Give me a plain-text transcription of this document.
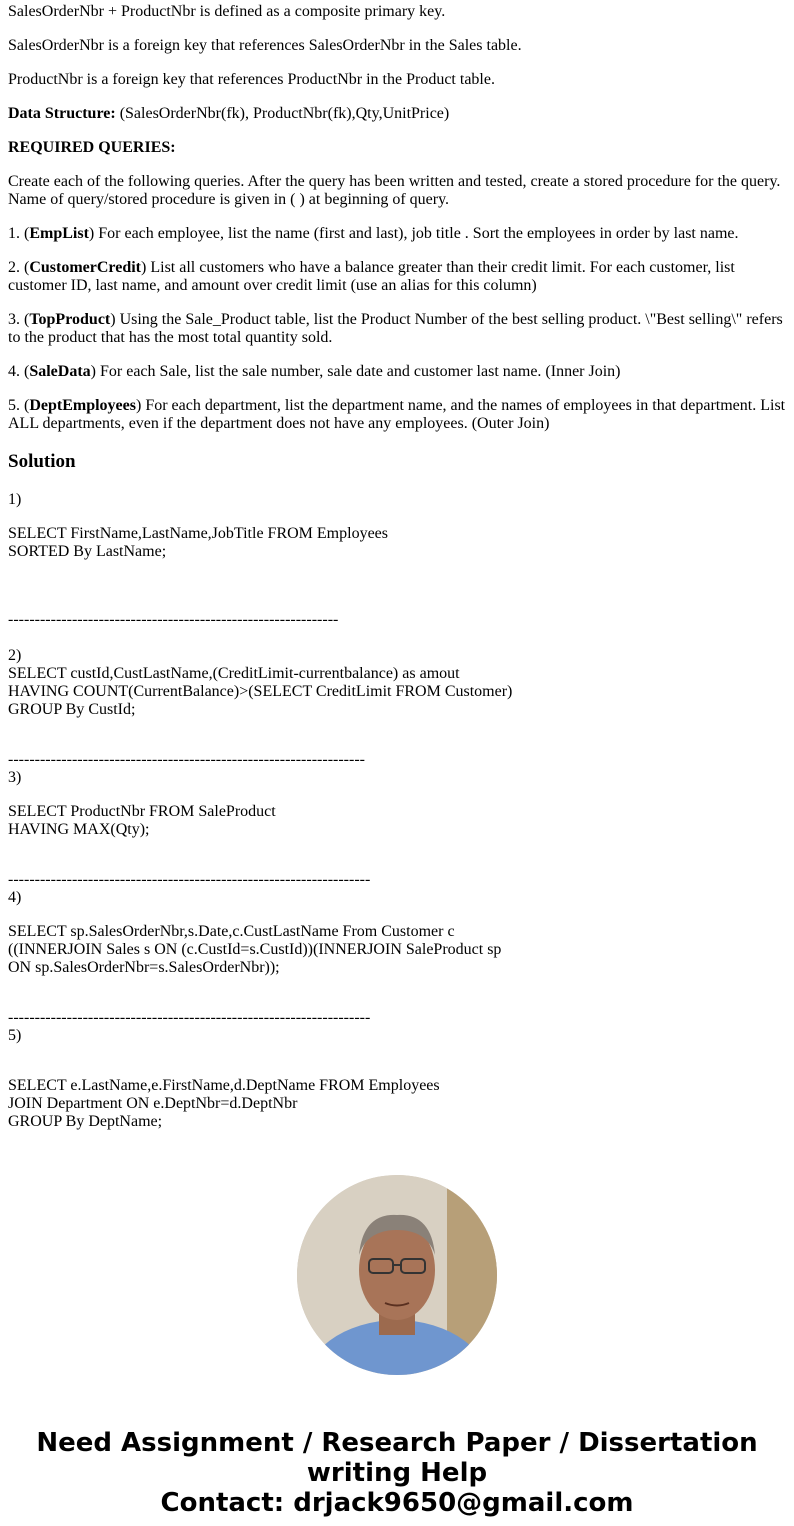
SalesOrderNbr + ProductNbr is defined as a composite primary key.

SalesOrderNbr is a foreign key that references SalesOrderNbr in the Sales table.

ProductNbr is a foreign key that references ProductNbr in the Product table.

Data Structure: (SalesOrderNbr(fk), ProductNbr(fk),Qty,UnitPrice)

REQUIRED QUERIES:

Create each of the following queries. After the query has been written and tested, create a stored procedure for the query. Name of query/stored procedure is given in ( ) at beginning of query.

1. (EmpList) For each employee, list the name (first and last), job title . Sort the employees in order by last name.

2. (CustomerCredit) List all customers who have a balance greater than their credit limit. For each customer, list customer ID, last name, and amount over credit limit (use an alias for this column)

3. (TopProduct) Using the Sale_Product table, list the Product Number of the best selling product. \"Best selling\" refers to the product that has the most total quantity sold.

4. (SaleData) For each Sale, list the sale number, sale date and customer last name. (Inner Join)

5. (DeptEmployees) For each department, list the department name, and the names of employees in that department. List ALL departments, even if the department does not have any employees. (Outer Join)

Solution

1)

SELECT FirstName,LastName,JobTitle FROM Employees
SORTED By LastName;
--------------------------------------------------------------
2)
SELECT custId,CustLastName,(CreditLimit-currentbalance) as amout
HAVING COUNT(CurrentBalance)>(SELECT CreditLimit FROM Customer)
GROUP By CustId;
-------------------------------------------------------------------
3)
SELECT ProductNbr FROM SaleProduct
HAVING MAX(Qty);
--------------------------------------------------------------------
4)
SELECT sp.SalesOrderNbr,s.Date,c.CustLastName From Customer c
((INNERJOIN Sales s ON (c.CustId=s.CustId))(INNERJOIN SaleProduct sp
ON sp.SalesOrderNbr=s.SalesOrderNbr));
--------------------------------------------------------------------
5)
SELECT e.LastName,e.FirstName,d.DeptName FROM Employees
JOIN Department ON e.DeptNbr=d.DeptNbr
GROUP By DeptName;
Need Assignment / Research Paper / Dissertation writing Help
Contact: drjack9650@gmail.com
